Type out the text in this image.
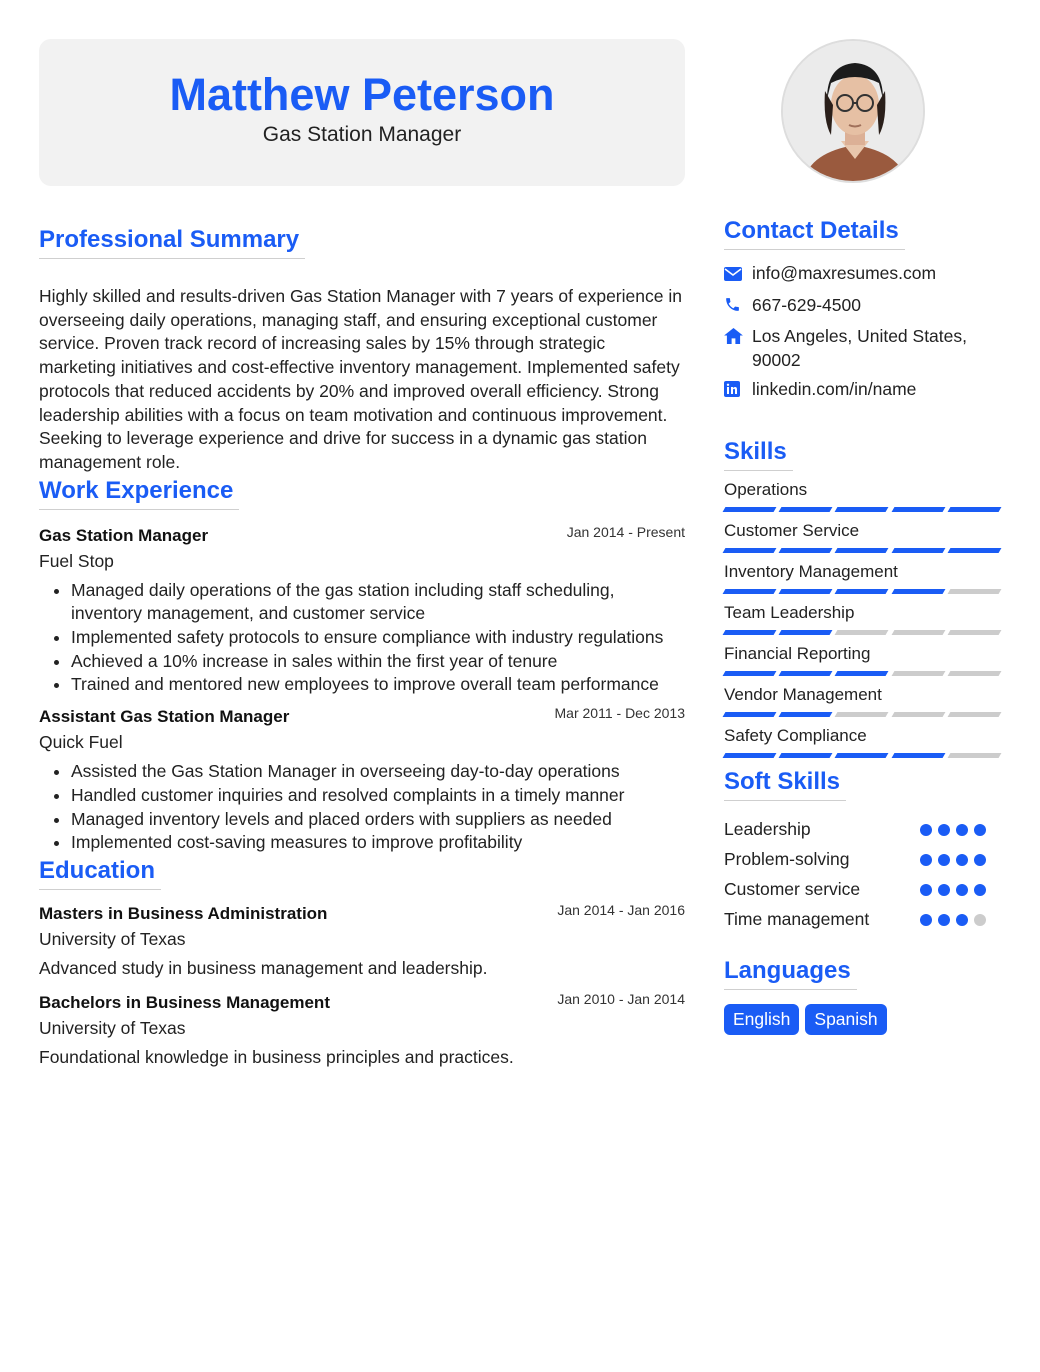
Matthew Peterson
Gas Station Manager
Professional Summary

Highly skilled and results-driven Gas Station Manager with 7 years of experience in overseeing daily operations, managing staff, and ensuring exceptional customer service. Proven track record of increasing sales by 15% through strategic marketing initiatives and cost-effective inventory management. Implemented safety protocols that reduced accidents by 20% and improved overall efficiency. Strong leadership abilities with a focus on team motivation and continuous improvement. Seeking to leverage experience and drive for success in a dynamic gas station management role.

Work Experience
Gas Station Manager	Jan 2014 - Present
Fuel Stop
• Managed daily operations of the gas station including staff scheduling, inventory management, and customer service
• Implemented safety protocols to ensure compliance with industry regulations
• Achieved a 10% increase in sales within the first year of tenure
• Trained and mentored new employees to improve overall team performance
Assistant Gas Station Manager	Mar 2011 - Dec 2013
Quick Fuel
• Assisted the Gas Station Manager in overseeing day-to-day operations
• Handled customer inquiries and resolved complaints in a timely manner
• Managed inventory levels and placed orders with suppliers as needed
• Implemented cost-saving measures to improve profitability
Education
Masters in Business Administration	Jan 2014 - Jan 2016
University of Texas
Advanced study in business management and leadership.
Bachelors in Business Management	Jan 2010 - Jan 2014
University of Texas
Foundational knowledge in business principles and practices.
Contact Details
info@maxresumes.com
667-629-4500
Los Angeles, United States, 90002
linkedin.com/in/name
Skills
Operations
Customer Service
Inventory Management
Team Leadership
Financial Reporting
Vendor Management
Safety Compliance
Soft Skills
Leadership
Problem-solving
Customer service
Time management
Languages
English	Spanish
